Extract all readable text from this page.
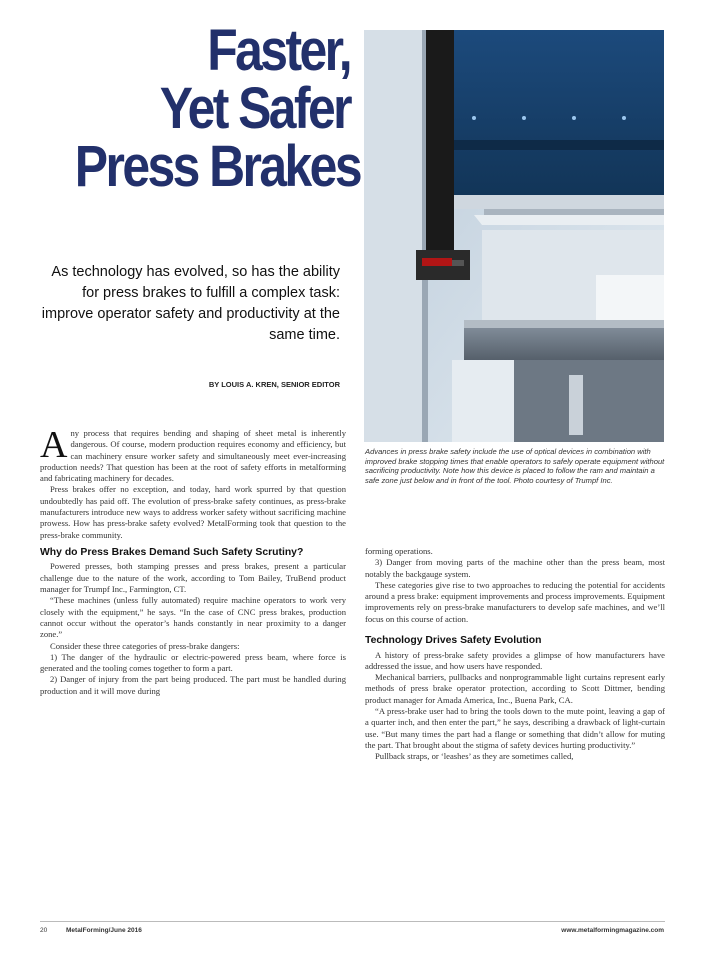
Faster,
Yet Safer
Press Brakes
As technology has evolved, so has the ability for press brakes to fulfill a complex task: improve operator safety and productivity at the same time.
BY LOUIS A. KREN, SENIOR EDITOR
Advances in press brake safety include the use of optical devices in combination with improved brake stopping times that enable operators to safely operate equipment without sacrificing productivity. Note how this device is placed to follow the ram and maintain a safe zone just below and in front of the tool. Photo courtesy of Trumpf Inc.

Any process that requires bending and shaping of sheet metal is inherently dangerous. Of course, modern production requires economy and efficiency, but can machinery ensure worker safety and simultaneously meet ever-increasing production needs? That question has been at the root of safety efforts in metalforming and fabricating machinery for decades.

Press brakes offer no exception, and today, hard work spurred by that question undoubtedly has paid off. The evolution of press-brake safety continues, as press-brake manufacturers introduce new ways to address worker safety without sacrificing machine prowess. How has press-brake safety evolved? MetalForming took that question to the press-brake community.

Why do Press Brakes Demand Such Safety Scrutiny?

Powered presses, both stamping presses and press brakes, present a particular challenge due to the nature of the work, according to Tom Bailey, TruBend product manager for Trumpf Inc., Farmington, CT.

“These machines (unless fully automated) require machine operators to work very closely with the equipment,” he says. “In the case of CNC press brakes, production cannot occur without the operator’s hands constantly in near proximity to a danger zone.”

Consider these three categories of press-brake dangers:

1) The danger of the hydraulic or electric-powered press beam, where force is generated and the tooling comes together to form a part.

2) Danger of injury from the part being produced. The part must be handled during production and it will move during

forming operations.

3) Danger from moving parts of the machine other than the press beam, most notably the backgauge system.

These categories give rise to two approaches to reducing the potential for accidents around a press brake: equipment improvements and process improvements. Equipment improvements rely on press-brake manufacturers to develop safe machines, and we’ll focus on this course of action.

Technology Drives Safety Evolution

A history of press-brake safety provides a glimpse of how manufacturers have addressed the issue, and how users have responded.

Mechanical barriers, pullbacks and nonprogrammable light curtains represent early methods of press brake operator protection, according to Scott Dittmer, bending product manager for Amada America, Inc., Buena Park, CA.

“A press-brake user had to bring the tools down to the mute point, leaving a gap of a quarter inch, and then enter the part,” he says, describing a drawback of light-curtain use. “But many times the part had a flange or something that didn’t allow for muting the part. That brought about the stigma of safety devices hurting productivity.”

Pullback straps, or ‘leashes’ as they are sometimes called,

20	MetalForming/June 2016	www.metalformingmagazine.com
